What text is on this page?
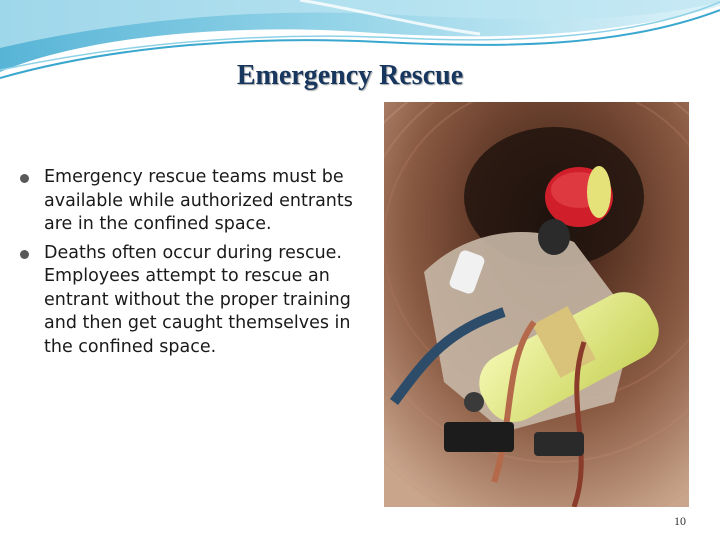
Emergency Rescue
Emergency rescue teams must be available while authorized entrants are in the confined space.
Deaths often occur during rescue. Employees attempt to rescue an entrant without the proper training and then get caught themselves in the confined space.
10
